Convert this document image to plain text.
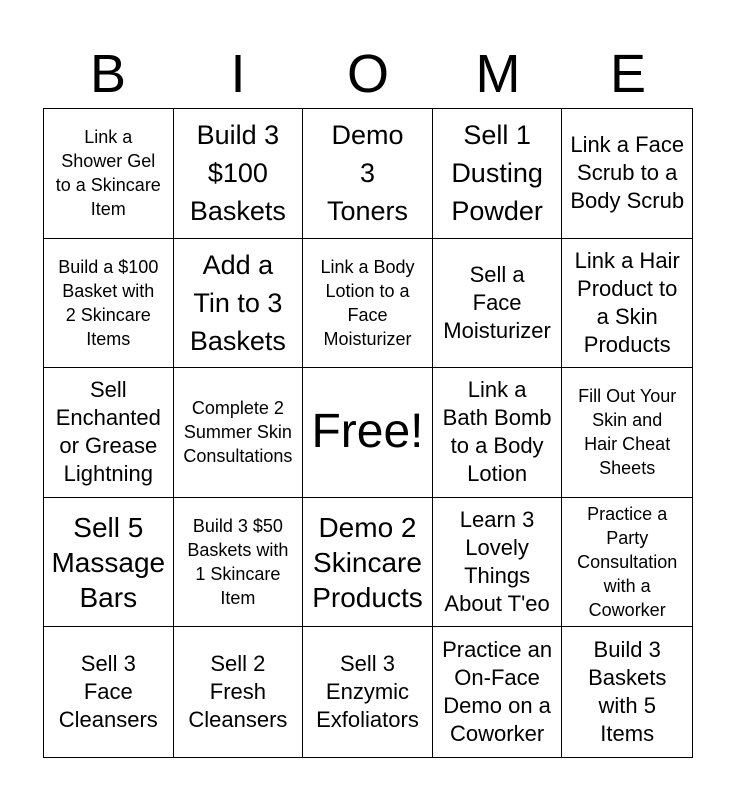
B	I	O	M	E
Link a
Shower Gel
to a Skincare
Item
Build 3
$100
Baskets
Demo
3
Toners
Sell 1
Dusting
Powder
Link a Face
Scrub to a
Body Scrub
Build a $100
Basket with
2 Skincare
Items
Add a
Tin to 3
Baskets
Link a Body
Lotion to a
Face
Moisturizer
Sell a
Face
Moisturizer
Link a Hair
Product to
a Skin
Products
Sell
Enchanted
or Grease
Lightning
Complete 2
Summer Skin
Consultations Free!
Link a
Bath Bomb
to a Body
Lotion
Fill Out Your
Skin and
Hair Cheat
Sheets
Sell 5
Massage
Bars
Build 3 $50
Baskets with
1 Skincare
Item
Demo 2
Skincare
Products
Learn 3
Lovely
Things
About T'eo
Practice a
Party
Consultation
with a
Coworker
Sell 3
Face
Cleansers
Sell 2
Fresh
Cleansers
Sell 3
Enzymic
Exfoliators
Practice an
On-Face
Demo on a
Coworker
Build 3
Baskets
with 5
Items
